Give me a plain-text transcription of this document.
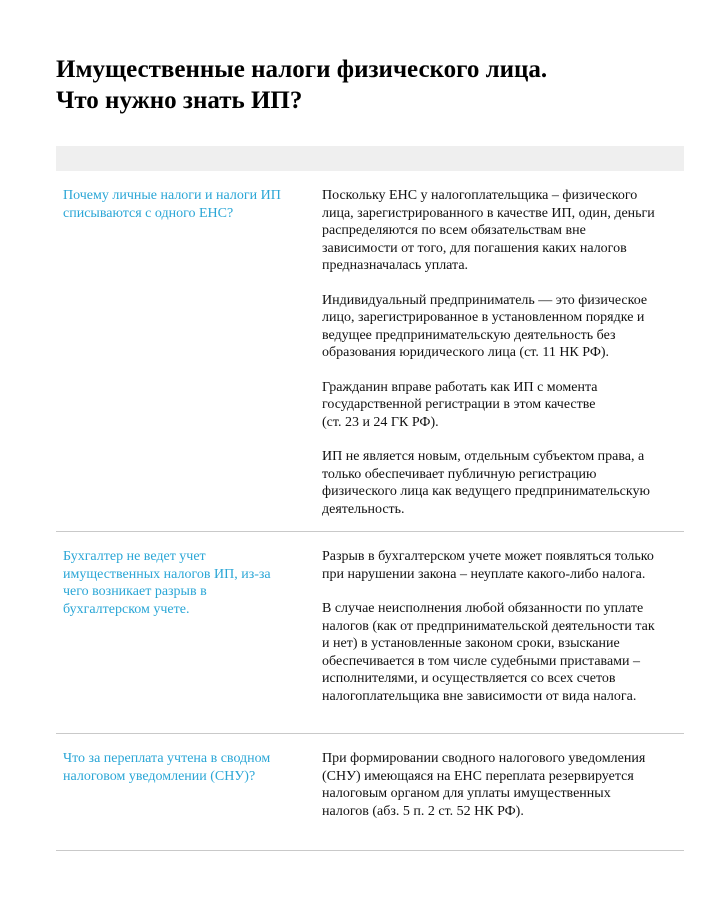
Имущественные налоги физического лица.
Что нужно знать ИП?
Почему личные налоги и налоги ИП
списываются с одного ЕНС?

Поскольку ЕНС у налогоплательщика – физического
лица, зарегистрированного в качестве ИП, один, деньги
распределяются по всем обязательствам вне
зависимости от того, для погашения каких налогов
предназначалась уплата.

Индивидуальный предприниматель — это физическое
лицо, зарегистрированное в установленном порядке и
ведущее предпринимательскую деятельность без
образования юридического лица (ст. 11 НК РФ).

Гражданин вправе работать как ИП с момента
государственной регистрации в этом качестве
(ст. 23 и 24 ГК РФ).

ИП не является новым, отдельным субъектом права, а
только обеспечивает публичную регистрацию
физического лица как ведущего предпринимательскую
деятельность.

Бухгалтер не ведет учет
имущественных налогов ИП, из-за
чего возникает разрыв в
бухгалтерском учете.

Разрыв в бухгалтерском учете может появляться только
при нарушении закона – неуплате какого-либо налога.

В случае неисполнения любой обязанности по уплате
налогов (как от предпринимательской деятельности так
и нет) в установленные законом сроки, взыскание
обеспечивается в том числе судебными приставами –
исполнителями, и осуществляется со всех счетов
налогоплательщика вне зависимости от вида налога.

Что за переплата учтена в сводном
налоговом уведомлении (СНУ)?

При формировании сводного налогового уведомления
(СНУ) имеющаяся на ЕНС переплата резервируется
налоговым органом для уплаты имущественных
налогов (абз. 5 п. 2 ст. 52 НК РФ).
